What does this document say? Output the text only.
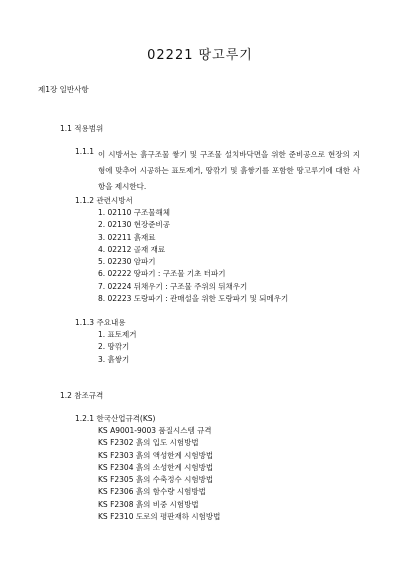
02221 땅고루기
제1장 일반사항
1.1 적용범위
1.1.1 이 시방서는 흙구조물 쌓기 및 구조물 설치바닥면을 위한 준비공으로 현장의 지형에 맞추어 시공하는 표토제거, 땅깎기 및 흙쌓기를 포함한 땅고루기에 대한 사항을 제시한다.
1.1.2 관련시방서
1. 02110 구조물해체
2. 02130 현장준비공
3. 02211 흙재료
4. 02212 골재 재료
5. 02230 암파기
6. 02222 땅파기 : 구조물 기초 터파기
7. 02224 뒤채우기 : 구조물 주위의 뒤채우기
8. 02223 도랑파기 : 관매설을 위한 도랑파기 및 되메우기
1.1.3 주요내용
1. 표토제거
2. 땅깎기
3. 흙쌓기
1.2 참조규격
1.2.1 한국산업규격(KS)
KS A9001-9003 품질시스템 규격
KS F2302 흙의 입도 시험방법
KS F2303 흙의 액성한계 시험방법
KS F2304 흙의 소성한계 시험방법
KS F2305 흙의 수축정수 시험방법
KS F2306 흙의 함수량 시험방법
KS F2308 흙의 비중 시험방법
KS F2310 도로의 평판재하 시험방법
